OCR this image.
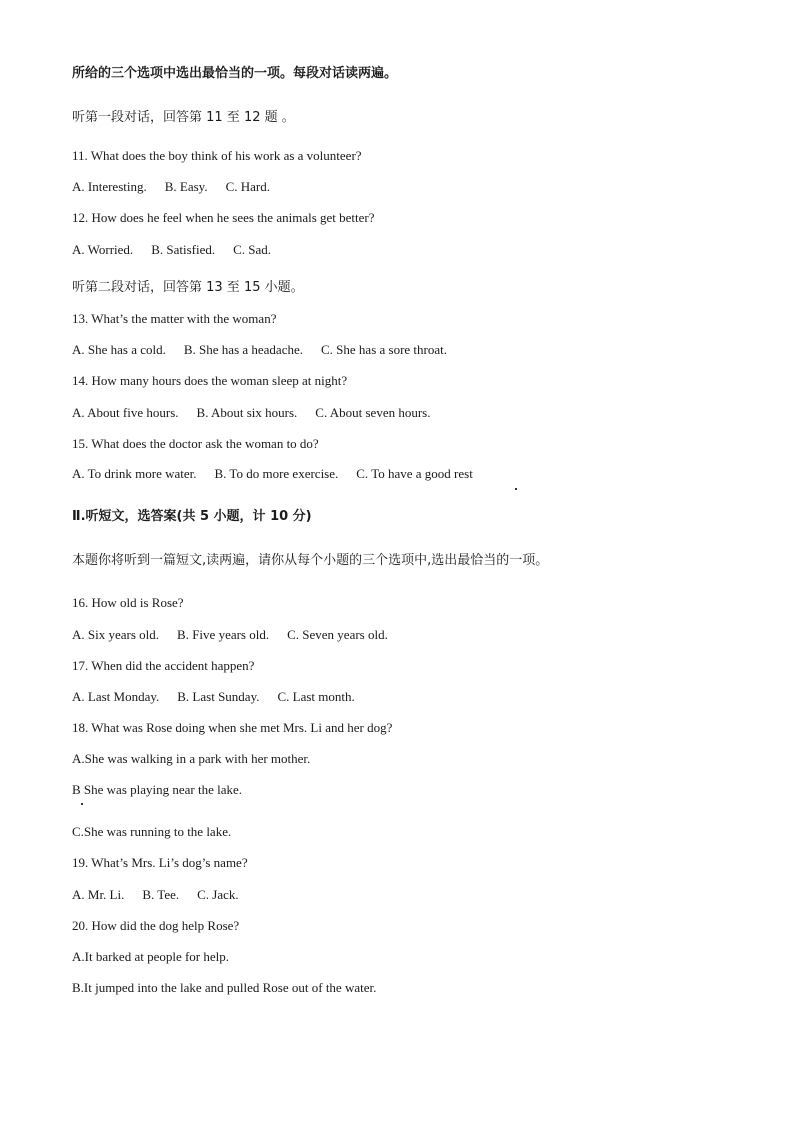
所给的三个选项中选出最恰当的一项。每段对话读两遍。
听第一段对话，回答第 11 至 12 题 。
11. What does the boy think of his work as a volunteer?
A. Interesting. B. Easy. C. Hard.
12. How does he feel when he sees the animals get better?
A. Worried. B. Satisfied. C. Sad.
听第二段对话，回答第 13 至 15 小题。
13. What’s the matter with the woman?
A. She has a cold. B. She has a headache. C. She has a sore throat.
14. How many hours does the woman sleep at night?
A. About five hours. B. About six hours. C. About seven hours.
15. What does the doctor ask the woman to do?
A. To drink more water. B. To do more exercise. C. To have a good rest
Ⅱ.听短文，选答案(共 5 小题，计 10 分)
本题你将听到一篇短文,读两遍，请你从每个小题的三个选项中,选出最恰当的一项。
16. How old is Rose?
A. Six years old. B. Five years old. C. Seven years old.
17. When did the accident happen?
A. Last Monday. B. Last Sunday. C. Last month.
18. What was Rose doing when she met Mrs. Li and her dog?
A.She was walking in a park with her mother.
B She was playing near the lake.
C.She was running to the lake.
19. What’s Mrs. Li’s dog’s name?
A. Mr. Li. B. Tee. C. Jack.
20. How did the dog help Rose?
A.It barked at people for help.
B.It jumped into the lake and pulled Rose out of the water.
